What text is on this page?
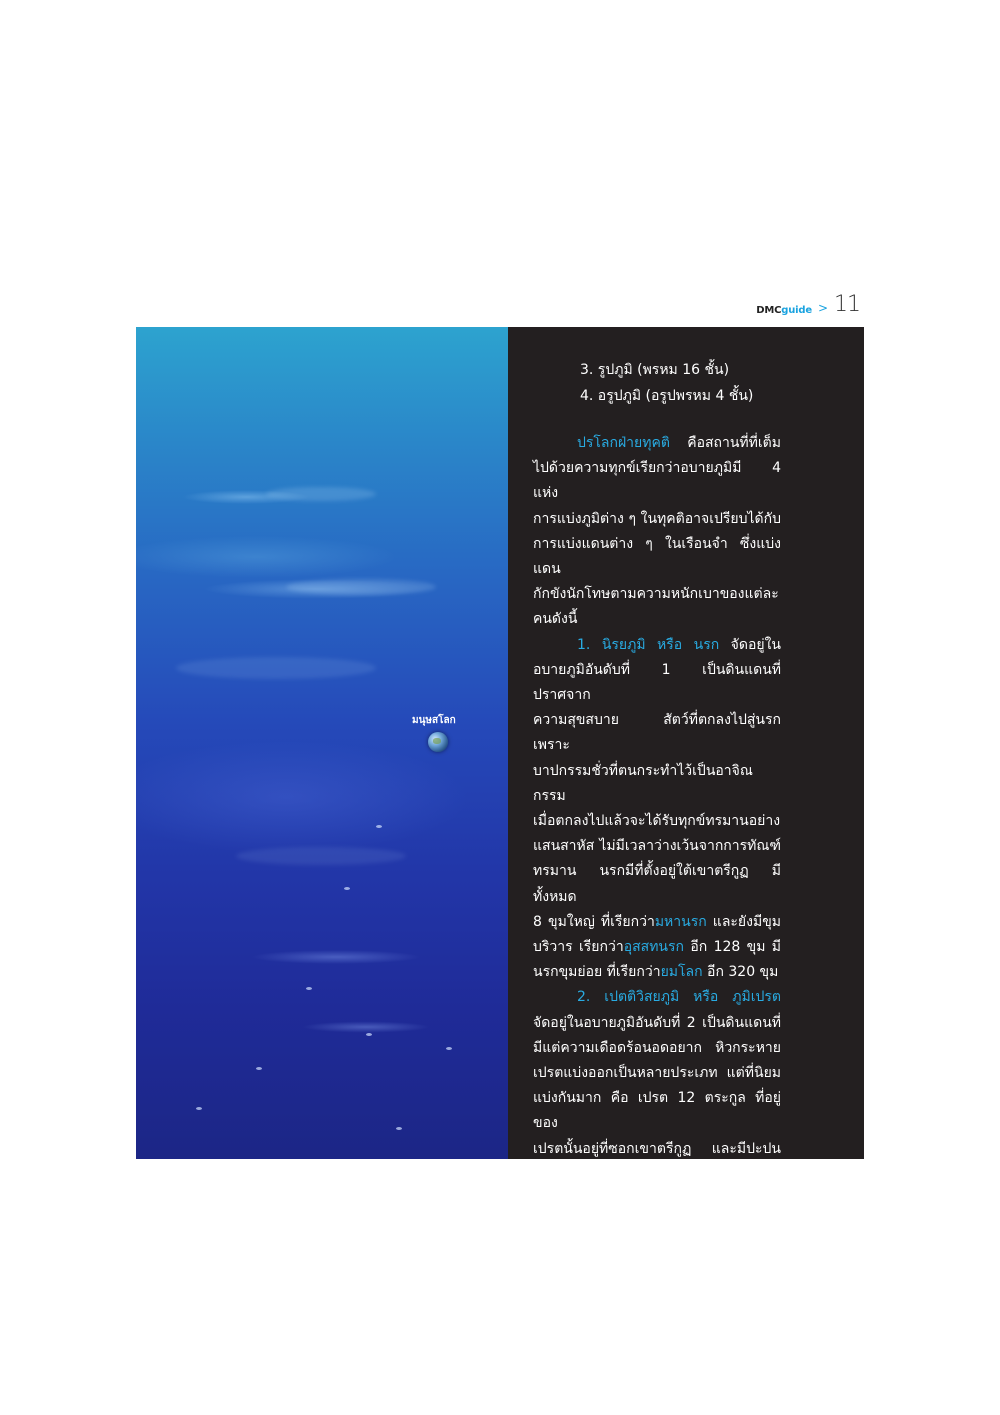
DMCguide > 11
มนุษสโลก
3. รูปภูมิ (พรหม 16 ชั้น)
4. อรูปภูมิ (อรูปพรหม 4 ชั้น)

ปรโลกฝ่ายทุคติ คือสถานที่ที่เต็ม

ไปด้วยความทุกข์เรียกว่าอบายภูมิมี 4 แห่ง

การแบ่งภูมิต่าง ๆ ในทุคติอาจเปรียบได้กับ

การแบ่งแดนต่าง ๆ ในเรือนจำ ซึ่งแบ่งแดน

กักขังนักโทษตามความหนักเบาของแต่ละ

คนดังนี้

1. นิรยภูมิ หรือ นรก จัดอยู่ใน

อบายภูมิอันดับที่ 1 เป็นดินแดนที่ปราศจาก

ความสุขสบาย สัตว์ที่ตกลงไปสู่นรก เพราะ

บาปกรรมชั่วที่ตนกระทำไว้เป็นอาจิณกรรม

เมื่อตกลงไปแล้วจะได้รับทุกข์ทรมานอย่าง

แสนสาหัส ไม่มีเวลาว่างเว้นจากการทัณฑ์

ทรมาน นรกมีที่ตั้งอยู่ใต้เขาตรีกูฏ มีทั้งหมด

8 ขุมใหญ่ ที่เรียกว่ามหานรก และยังมีขุม

บริวาร เรียกว่าอุสสทนรก อีก 128 ขุม มี

นรกขุมย่อย ที่เรียกว่ายมโลก อีก 320 ขุม

2. เปตติวิสยภูมิ หรือ ภูมิเปรต

จัดอยู่ในอบายภูมิอันดับที่ 2 เป็นดินแดนที่

มีแต่ความเดือดร้อนอดอยาก หิวกระหาย

เปรตแบ่งออกเป็นหลายประเภท แต่ที่นิยม

แบ่งกันมาก คือ เปรต 12 ตระกูล ที่อยู่ของ

เปรตนั้นอยู่ที่ซอกเขาตรีกูฏ และมีปะปน

อยู่กับมนุษยโลกด้วย แต่เป็นภพที่ละเอียด

กว่า เหตุที่ทำให้มาเป็นเปรตเพราะได้ทำ

อกุศลกรรมประเภทตระหนี่ หวงแหนทรัพย์

เป็นหลัก การเกิดเป็นเปรตนั้นมี 2 ลักษณะ

คือ ผ่านมาจากมหานรก อุสสทนรก และ
